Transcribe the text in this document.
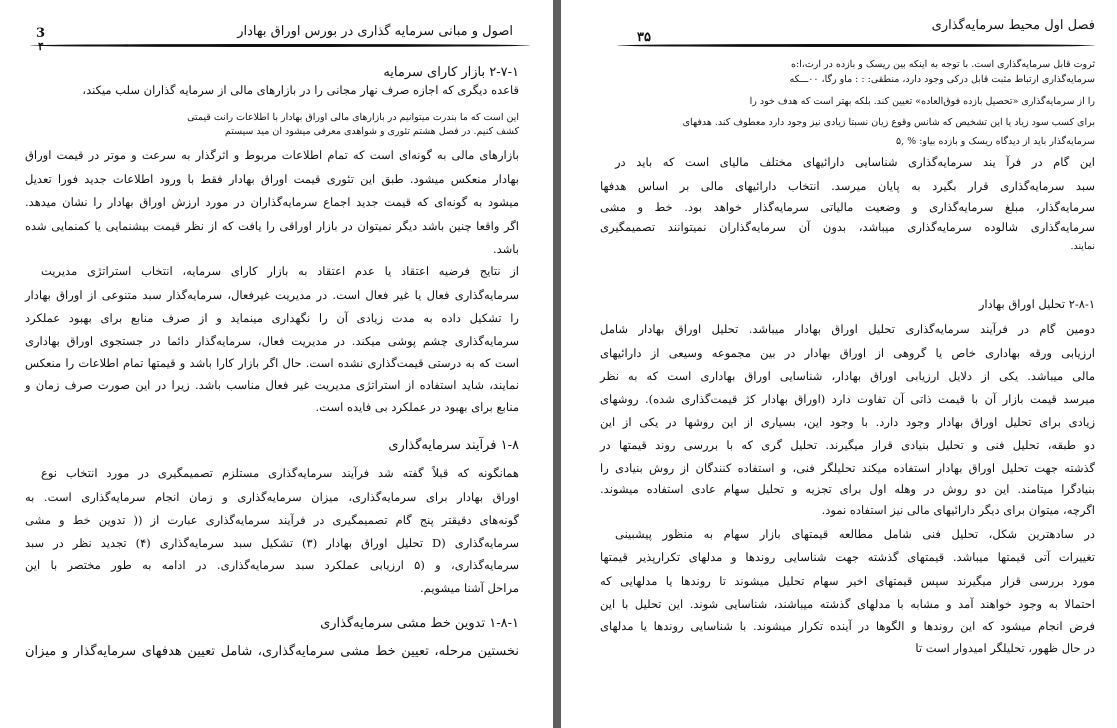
3
۴
اصول و مبانی سرمایه گذاری در بورس اوراق بهادار
۲-۷-۱ بازار کارای سرمایه
قاعده دیگری که اجازه صرف نهار مجانی را در بازارهای مالی از سرمایه گذاران سلب میکند،
این است که ما بندرت میتوانیم در بازارهای مالی اوراق بهادار با اطلاعات رانت قیمتی
کشف کنیم. در فصل هشتم تئوری و شواهدی معرفی میشود ان مید سیستم
بازارهای مالی به گونه‌ای است که تمام اطلاعات مربوط و اثرگذار به سرعت و موتر در قیمت اوراق
بهادار منعکس میشود. طبق این تئوری قیمت اوراق بهادار فقط با ورود اطلاعات جدید فورا تعدیل
میشود به گونه‌ای که قیمت جدید اجماع سرمایه‌گذاران در مورد ارزش اوراق بهادار را نشان میدهد.
اگر واقعا چنین باشد دیگر نمیتوان در بازار اوراقی را یافت که از نظر قیمت بیشنمایی یا کمنمایی شده
باشد.
از نتایج فرضیه اعتقاد یا عدم اعتقاد به بازار کارای سرمایه، انتخاب استراتژی مدیریت
سرمایه‌گذاری فعال یا غیر فعال است. در مدیریت غیرفعال، سرمایه‌گذار سبد متنوعی از اوراق بهادار
را تشکیل داده به مدت زیادی آن را نگهداری مینماید و از صرف منابع برای بهبود عملکرد
سرمایه‌گذاری چشم پوشی میکند. در مدیریت فعال، سرمایه‌گذار دائما در جستجوی اوراق بهاداری
است که به درستی قیمت‌گذاری نشده است. حال اگر بازار کارا باشد و قیمتها تمام اطلاعات را منعکس
نمایند، شاید استفاده از استراتژی مدیریت غیر فعال مناسب باشد. زیرا در این صورت صرف زمان و
منابع برای بهبود در عملکرد بی فایده است.
۱-۸ فرآیند سرمایه‌گذاری
همانگونه که قبلاً گفته شد فرآیند سرمایه‌گذاری مستلزم تصمیمگیری در مورد انتخاب نوع
اوراق بهادار برای سرمایه‌گذاری، میزان سرمایه‌گذاری و زمان انجام سرمایه‌گذاری است. به
گونه‌های دقیقتر پنج گام تصمیمگیری در فرآیند سرمایه‌گذاری عبارت از (( تدوین خط و مشی
سرمایه‌گذاری (D تحلیل اوراق بهادار (۳) تشکیل سبد سرمایه‌گذاری (۴) تجدید نظر در سبد
سرمایه‌گذاری، و (۵ ارزیابی عملکرد سبد سرمایه‌گذاری. در ادامه به طور مختصر با این
مراحل آشنا میشویم.
۱-۸-۱ تدوین خط مشی سرمایه‌گذاری
نخستین مرحله، تعیین خط مشی سرمایه‌گذاری، شامل تعیین هدفهای سرمایه‌گذار و میزان
فصل اول محیط سرمایه‌گذاری
۳۵
ثروت قابل سرمایه‌گذاری است. با توجه به اینکه بین ریسک و بازده در ارت،ا:ه
سرمایه‌گذاری ارتباط مثبت قابل درکی وجود دارد، منطقی: : : ماو رگا، ۰۰ـــکه
را از سرمایه‌گذاری «تحصیل بازده فوق‌العاده» تعیین کند. بلکه بهتر است که هدف خود را
برای کسب سود زیاد یا این تشخیص که شانس وقوع زیان نسبتا زیادی نیز وجود دارد معطوف کند. هدفهای
سرمایه‌گذار باید از دیدگاه ریسک و بازده بیاو: % ,۵
این گام در فرآ یند سرمایه‌گذاری شناسایی دارائیهای مختلف مالیای است که باید در
سبد سرمایه‌گذاری قرار بگیرد به پایان میرسد. انتخاب دارائیهای مالی بر اساس هدفها
سرمایه‌گذار، مبلغ سرمایه‌گذاری و وضعیت مالیاتی سرمایه‌گذار خواهد بود. خط و مشی
سرمایه‌گذاری شالوده سرمایه‌گذاری میباشد، بدون آن سرمایه‌گذاران نمیتوانند تصمیمگیری
نمایند.
۲-۸-۱ تحلیل اوراق بهادار
دومین گام در فرآیند سرمایه‌گذاری تحلیل اوراق بهادار میباشد. تحلیل اوراق بهادار شامل
ارزیابی ورقه بهاداری خاص یا گروهی از اوراق بهادار در بین مجموعه وسیعی از دارائیهای
مالی میباشد. یکی از دلایل ارزیابی اوراق بهادار، شناسایی اوراق بهاداری است که به نظر
میرسد قیمت بازار آن با قیمت ذاتی آن تفاوت دارد (اوراق بهادار کژ قیمت‌گذاری شده). روشهای
زیادی برای تحلیل اوراق بهادار وجود دارد. با وجود این، بسیاری از این روشها در یکی از این
دو طبقه، تحلیل فنی و تحلیل بنیادی قرار میگیرند. تحلیل گری که با بررسی روند قیمتها در
گذشته جهت تحلیل اوراق بهادار استفاده میکند تحلیلگر فنی، و استفاده کنندگان از روش بنیادی را
بنیادگرا میتامند. این دو روش در وهله اول برای تجزیه و تحلیل سهام عادی استفاده میشوند.
اگرچه، میتوان برای دیگر دارائیهای مالی نیز استفاده نمود.
در سادهترین شکل، تحلیل فنی شامل مطالعه قیمتهای بازار سهام به منظور پیشبینی
تغییرات آتی قیمتها میباشد. قیمتهای گذشته جهت شناسایی روندها و مدلهای تکرارپذیر قیمتها
مورد بررسی قرار میگیرند سپس قیمتهای اخیر سهام تحلیل میشوند تا روندها یا مدلهایی که
احتمالا به وجود خواهند آمد و مشابه با مدلهای گذشته میباشند، شناسایی شوند. این تحلیل با این
فرض انجام میشود که این روندها و الگوها در آینده تکرار میشوند. با شناسایی روندها یا مدلهای
در حال ظهور، تحلیلگر امیدوار است تا
